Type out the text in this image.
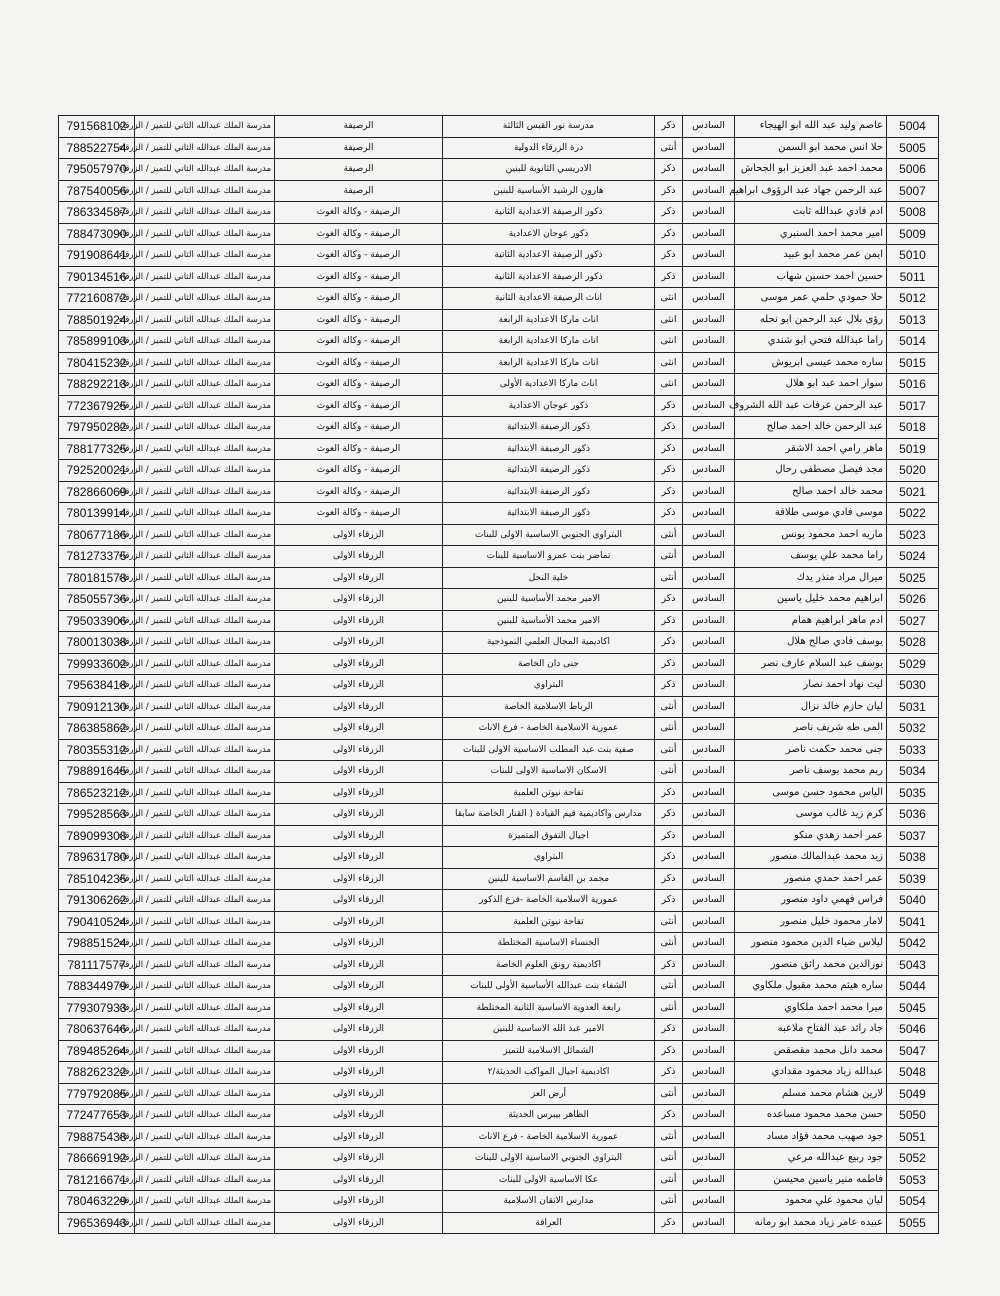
5004	عاصم وليد عبد الله ابو الهيجاء	السادس	ذكر	مدرسة نور القبس الثالثة	الرصيفة	مدرسة الملك عبدالله الثاني للتميز / الزرقاء	791568102
5005	حلا انس محمد ابو السمن	السادس	أنثى	درة الزرقاء الدولية	الرصيفة	مدرسة الملك عبدالله الثاني للتميز / الزرقاء	788522754
5006	محمد احمد عبد العزيز ابو الجحاش	السادس	ذكر	الادريسي الثانوية للبنين	الرصيفة	مدرسة الملك عبدالله الثاني للتميز / الزرقاء	795057970
5007	عبد الرحمن جهاد عبد الرؤوف ابراهيم	السادس	ذكر	هارون الرشيد الأساسية للبنين	الرصيفة	مدرسة الملك عبدالله الثاني للتميز / الزرقاء	787540056
5008	ادم فادي عبدالله ثابت	السادس	ذكر	ذكور الرصيفة الاعدادية الثانية	الرصيفة - وكالة الغوث	مدرسة الملك عبدالله الثاني للتميز / الزرقاء	786334587
5009	امير محمد احمد السنبري	السادس	ذكر	ذكور عوجان الاعدادية	الرصيفة - وكالة الغوث	مدرسة الملك عبدالله الثاني للتميز / الزرقاء	788473090
5010	ايمن عمر محمد ابو عبيد	السادس	ذكر	ذكور الرصيفة الاعدادية الثانية	الرصيفة - وكالة الغوث	مدرسة الملك عبدالله الثاني للتميز / الزرقاء	791908641
5011	حسين احمد حسين شهاب	السادس	ذكر	ذكور الرصيفة الاعدادية الثانية	الرصيفة - وكالة الغوث	مدرسة الملك عبدالله الثاني للتميز / الزرقاء	790134516
5012	حلا حمودي حلمي عمر موسى	السادس	انثى	اناث الرصيفة الاعدادية الثانية	الرصيفة - وكالة الغوث	مدرسة الملك عبدالله الثاني للتميز / الزرقاء	772160872
5013	رؤى بلال عبد الرحمن ابو نحله	السادس	انثى	اناث ماركا الاعدادية الرابعة	الرصيفة - وكالة الغوث	مدرسة الملك عبدالله الثاني للتميز / الزرقاء	788501924
5014	راما عبدالله فتحي ابو شندي	السادس	انثى	اناث ماركا الاعدادية الرابعة	الرصيفة - وكالة الغوث	مدرسة الملك عبدالله الثاني للتميز / الزرقاء	785899103
5015	ساره محمد عيسى ابريوش	السادس	انثى	اناث ماركا الاعدادية الرابعة	الرصيفة - وكالة الغوث	مدرسة الملك عبدالله الثاني للتميز / الزرقاء	780415232
5016	سوار احمد عبد ابو هلال	السادس	انثى	اناث ماركا الاعدادية الأولى	الرصيفة - وكالة الغوث	مدرسة الملك عبدالله الثاني للتميز / الزرقاء	788292213
5017	عبد الرحمن عرفات عبد الله الشروف	السادس	ذكر	ذكور عوجان الاعدادية	الرصيفة - وكالة الغوث	مدرسة الملك عبدالله الثاني للتميز / الزرقاء	772367925
5018	عبد الرحمن خالد احمد صالح	السادس	ذكر	ذكور الرصيفة الابتدائية	الرصيفة - وكالة الغوث	مدرسة الملك عبدالله الثاني للتميز / الزرقاء	797950282
5019	ماهر رامي احمد الاشقر	السادس	ذكر	ذكور الرصيفة الابتدائية	الرصيفة - وكالة الغوث	مدرسة الملك عبدالله الثاني للتميز / الزرقاء	788177325
5020	مجد فيصل مصطفى رحال	السادس	ذكر	ذكور الرصيفة الابتدائية	الرصيفة - وكالة الغوث	مدرسة الملك عبدالله الثاني للتميز / الزرقاء	792520021
5021	محمد خالد احمد صالح	السادس	ذكر	ذكور الرصيفة الابتدائية	الرصيفة - وكالة الغوث	مدرسة الملك عبدالله الثاني للتميز / الزرقاء	782866069
5022	موسى فادي موسى طلاقة	السادس	ذكر	ذكور الرصيفة الابتدائية	الرصيفة - وكالة الغوث	مدرسة الملك عبدالله الثاني للتميز / الزرقاء	780139914
5023	ماريه احمد محمود يونس	السادس	أنثى	البتراوي الجنوبي الاساسية الاولى للبنات	الزرقاء الاولى	مدرسة الملك عبدالله الثاني للتميز / الزرقاء	780677186
5024	راما محمد علي يوسف	السادس	أنثى	تماضر بنت عمرو الاساسية للبنات	الزرقاء الاولى	مدرسة الملك عبدالله الثاني للتميز / الزرقاء	781273375
5025	ميرال مراد منذر يدك	السادس	أنثى	خلية النحل	الزرقاء الاولى	مدرسة الملك عبدالله الثاني للتميز / الزرقاء	780181578
5026	ابراهيم محمد خليل ياسين	السادس	ذكر	الامير محمد الأساسية للبنين	الزرقاء الاولى	مدرسة الملك عبدالله الثاني للتميز / الزرقاء	785055736
5027	ادم ماهر ابراهيم همام	السادس	ذكر	الامير محمد الأساسية للبنين	الزرقاء الاولى	مدرسة الملك عبدالله الثاني للتميز / الزرقاء	795033906
5028	يوسف فادي صالح هلال	السادس	ذكر	اكاديمية المجال العلمي النموذجية	الزرقاء الاولى	مدرسة الملك عبدالله الثاني للتميز / الزرقاء	780013038
5029	يوسف عبد السلام عارف نصر	السادس	ذكر	جنى دان الخاصة	الزرقاء الاولى	مدرسة الملك عبدالله الثاني للتميز / الزرقاء	799933602
5030	ليث نهاد احمد نصار	السادس	ذكر	البتراوي	الزرقاء الاولى	مدرسة الملك عبدالله الثاني للتميز / الزرقاء	795638418
5031	ليان حازم خالد نزال	السادس	أنثى	الرباط الاسلامية الخاصة	الزرقاء الاولى	مدرسة الملك عبدالله الثاني للتميز / الزرقاء	790912130
5032	المى طه شريف ناصر	السادس	أنثى	عمورية الاسلامية الخاصة - فرع الاناث	الزرقاء الاولى	مدرسة الملك عبدالله الثاني للتميز / الزرقاء	786385862
5033	جنى محمد حكمت ناصر	السادس	أنثى	صفية بنت عبد المطلب الاساسية الاولى للبنات	الزرقاء الاولى	مدرسة الملك عبدالله الثاني للتميز / الزرقاء	780355312
5034	ريم محمد يوسف ناصر	السادس	أنثى	الاسكان الاساسية الاولى للبنات	الزرقاء الاولى	مدرسة الملك عبدالله الثاني للتميز / الزرقاء	798891645
5035	الياس محمود حسن موسى	السادس	ذكر	تفاحة نيوتن العلمية	الزرقاء الاولى	مدرسة الملك عبدالله الثاني للتميز / الزرقاء	786523212
5036	كرم زيد غالب موسى	السادس	ذكر	مدارس واكاديمية قيم القيادة ( القنار الخاصة سابقا	الزرقاء الاولى	مدرسة الملك عبدالله الثاني للتميز / الزرقاء	799528563
5037	عمر احمد زهدي منكو	السادس	ذكر	اجيال التفوق المتميزة	الزرقاء الاولى	مدرسة الملك عبدالله الثاني للتميز / الزرقاء	789099308
5038	زيد محمد عبدالمالك منصور	السادس	ذكر	البتراوي	الزرقاء الاولى	مدرسة الملك عبدالله الثاني للتميز / الزرقاء	789631780
5039	عمر احمد حمدي منصور	السادس	ذكر	محمد بن القاسم الاساسية للبنين	الزرقاء الاولى	مدرسة الملك عبدالله الثاني للتميز / الزرقاء	785104235
5040	فراس فهمي داود منصور	السادس	ذكر	عمورية الاسلامية الخاصة -فرع الذكور	الزرقاء الاولى	مدرسة الملك عبدالله الثاني للتميز / الزرقاء	791306262
5041	لامار محمود خليل منصور	السادس	أنثى	تفاحة نيوتن العلمية	الزرقاء الاولى	مدرسة الملك عبدالله الثاني للتميز / الزرقاء	790410524
5042	ليلاس ضياء الدين محمود منصور	السادس	أنثى	الخنساء الاساسية المختلطة	الزرقاء الاولى	مدرسة الملك عبدالله الثاني للتميز / الزرقاء	798851524
5043	نورالدين محمد رائق منصور	السادس	ذكر	اكاديمية رونق العلوم الخاصة	الزرقاء الاولى	مدرسة الملك عبدالله الثاني للتميز / الزرقاء	781117577
5044	ساره هيثم محمد مقبول ملكاوي	السادس	أنثى	الشفاء بنت عبدالله الأساسية الأولى للبنات	الزرقاء الاولى	مدرسة الملك عبدالله الثاني للتميز / الزرقاء	788344979
5045	ميرا محمد احمد ملكاوي	السادس	أنثى	رابعة العدوية الاساسية الثانية المختلطة	الزرقاء الاولى	مدرسة الملك عبدالله الثاني للتميز / الزرقاء	779307933
5046	جاد رائد عبد الفتاح ملاعبه	السادس	ذكر	الامير عبد الله الاساسية للبنين	الزرقاء الاولى	مدرسة الملك عبدالله الثاني للتميز / الزرقاء	780637646
5047	محمد دانل محمد مقصقص	السادس	ذكر	الشمائل الاسلامية للتميز	الزرقاء الاولى	مدرسة الملك عبدالله الثاني للتميز / الزرقاء	789485264
5048	عبدالله زياد محمود مقدادي	السادس	ذكر	اكاديمية اجيال المواكب الحديثة/٢	الزرقاء الاولى	مدرسة الملك عبدالله الثاني للتميز / الزرقاء	788262322
5049	لارين هشام محمد مسلم	السادس	أنثى	أرض العز	الزرقاء الاولى	مدرسة الملك عبدالله الثاني للتميز / الزرقاء	779792085
5050	حسن محمد محمود مساعده	السادس	ذكر	الظاهر بيبرس الحديثة	الزرقاء الاولى	مدرسة الملك عبدالله الثاني للتميز / الزرقاء	772477653
5051	جود صهيب محمد فؤاد مساد	السادس	أنثى	عمورية الاسلامية الخاصة - فرع الاناث	الزرقاء الاولى	مدرسة الملك عبدالله الثاني للتميز / الزرقاء	798875438
5052	جود ربيع عبدالله مرعي	السادس	أنثى	البتراوي الجنوبي الاساسية الاولى للبنات	الزرقاء الاولى	مدرسة الملك عبدالله الثاني للتميز / الزرقاء	786669192
5053	فاطمه منير ياسين محيسن	السادس	أنثى	عكا الاساسية الاولى للبنات	الزرقاء الاولى	مدرسة الملك عبدالله الثاني للتميز / الزرقاء	781216671
5054	ليان محمود علي محمود	السادس	أنثى	مدارس الاتقان الاسلامية	الزرقاء الاولى	مدرسة الملك عبدالله الثاني للتميز / الزرقاء	780463229
5055	عبيده عامر زياد محمد ابو رمانه	السادس	ذكر	العراقة	الزرقاء الاولى	مدرسة الملك عبدالله الثاني للتميز / الزرقاء	796536943
